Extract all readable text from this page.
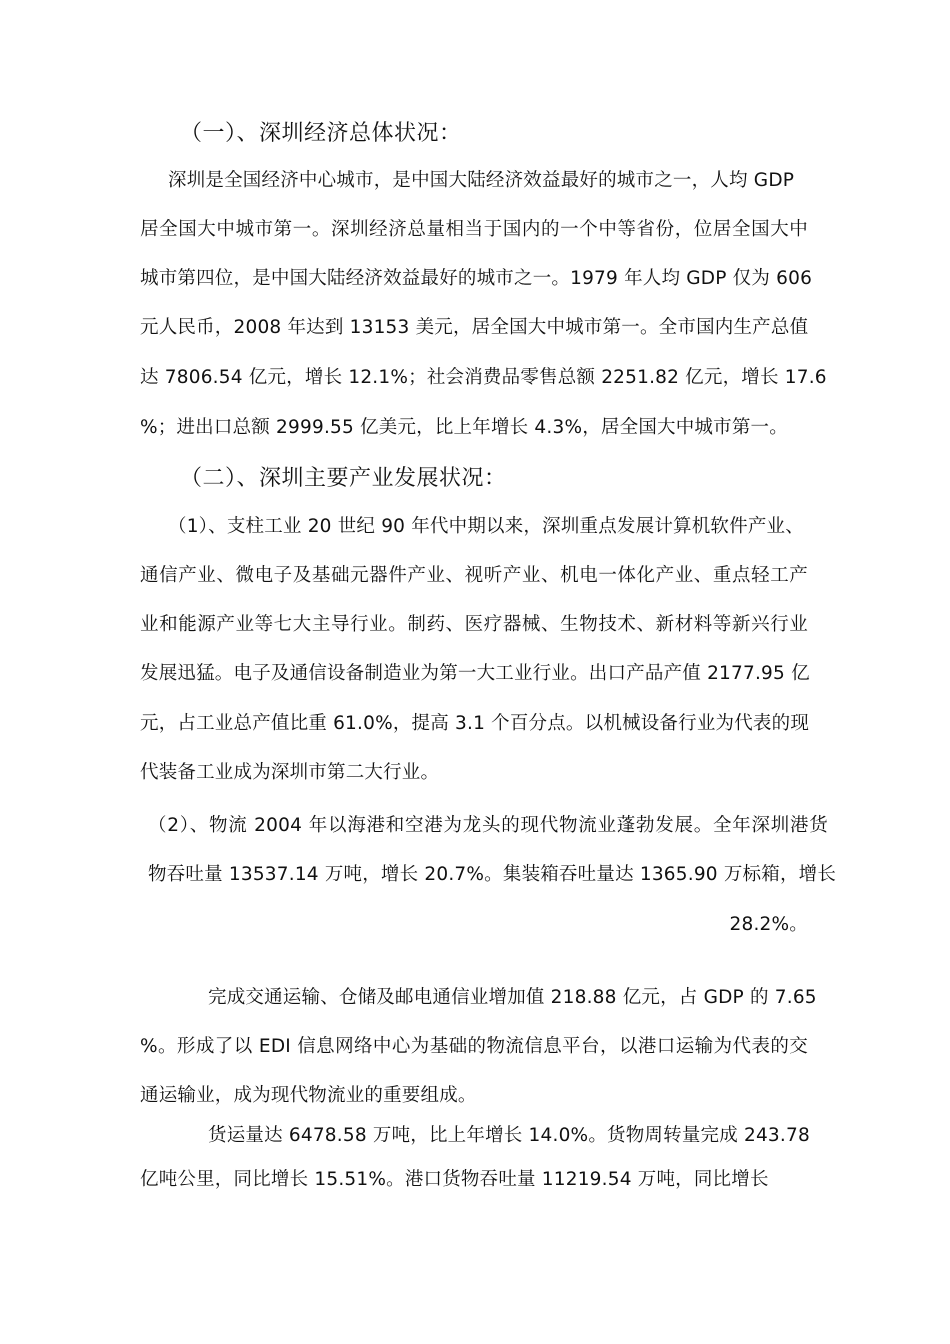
（一）、深圳经济总体状况：
深圳是全国经济中心城市，是中国大陆经济效益最好的城市之一，人均 GDP
居全国大中城市第一。深圳经济总量相当于国内的一个中等省份，位居全国大中
城市第四位，是中国大陆经济效益最好的城市之一。1979 年人均 GDP 仅为 606
元人民币，2008 年达到 13153 美元，居全国大中城市第一。全市国内生产总值
达 7806.54 亿元，增长 12.1%；社会消费品零售总额 2251.82 亿元，增长 17.6
%；进出口总额 2999.55 亿美元，比上年增长 4.3%，居全国大中城市第一。
（二）、深圳主要产业发展状况：
（1）、支柱工业 20 世纪 90 年代中期以来，深圳重点发展计算机软件产业、
通信产业、微电子及基础元器件产业、视听产业、机电一体化产业、重点轻工产
业和能源产业等七大主导行业。制药、医疗器械、生物技术、新材料等新兴行业
发展迅猛。电子及通信设备制造业为第一大工业行业。出口产品产值 2177.95 亿
元，占工业总产值比重 61.0%，提高 3.1 个百分点。以机械设备行业为代表的现
代装备工业成为深圳市第二大行业。
（2）、物流 2004 年以海港和空港为龙头的现代物流业蓬勃发展。全年深圳港货
物吞吐量 13537.14 万吨，增长 20.7%。集装箱吞吐量达 1365.90 万标箱，增长
28.2%。
完成交通运输、仓储及邮电通信业增加值 218.88 亿元，占 GDP 的 7.65
%。形成了以 EDI 信息网络中心为基础的物流信息平台，以港口运输为代表的交
通运输业，成为现代物流业的重要组成。
货运量达 6478.58 万吨，比上年增长 14.0%。货物周转量完成 243.78
亿吨公里，同比增长 15.51%。港口货物吞吐量 11219.54 万吨，同比增长
